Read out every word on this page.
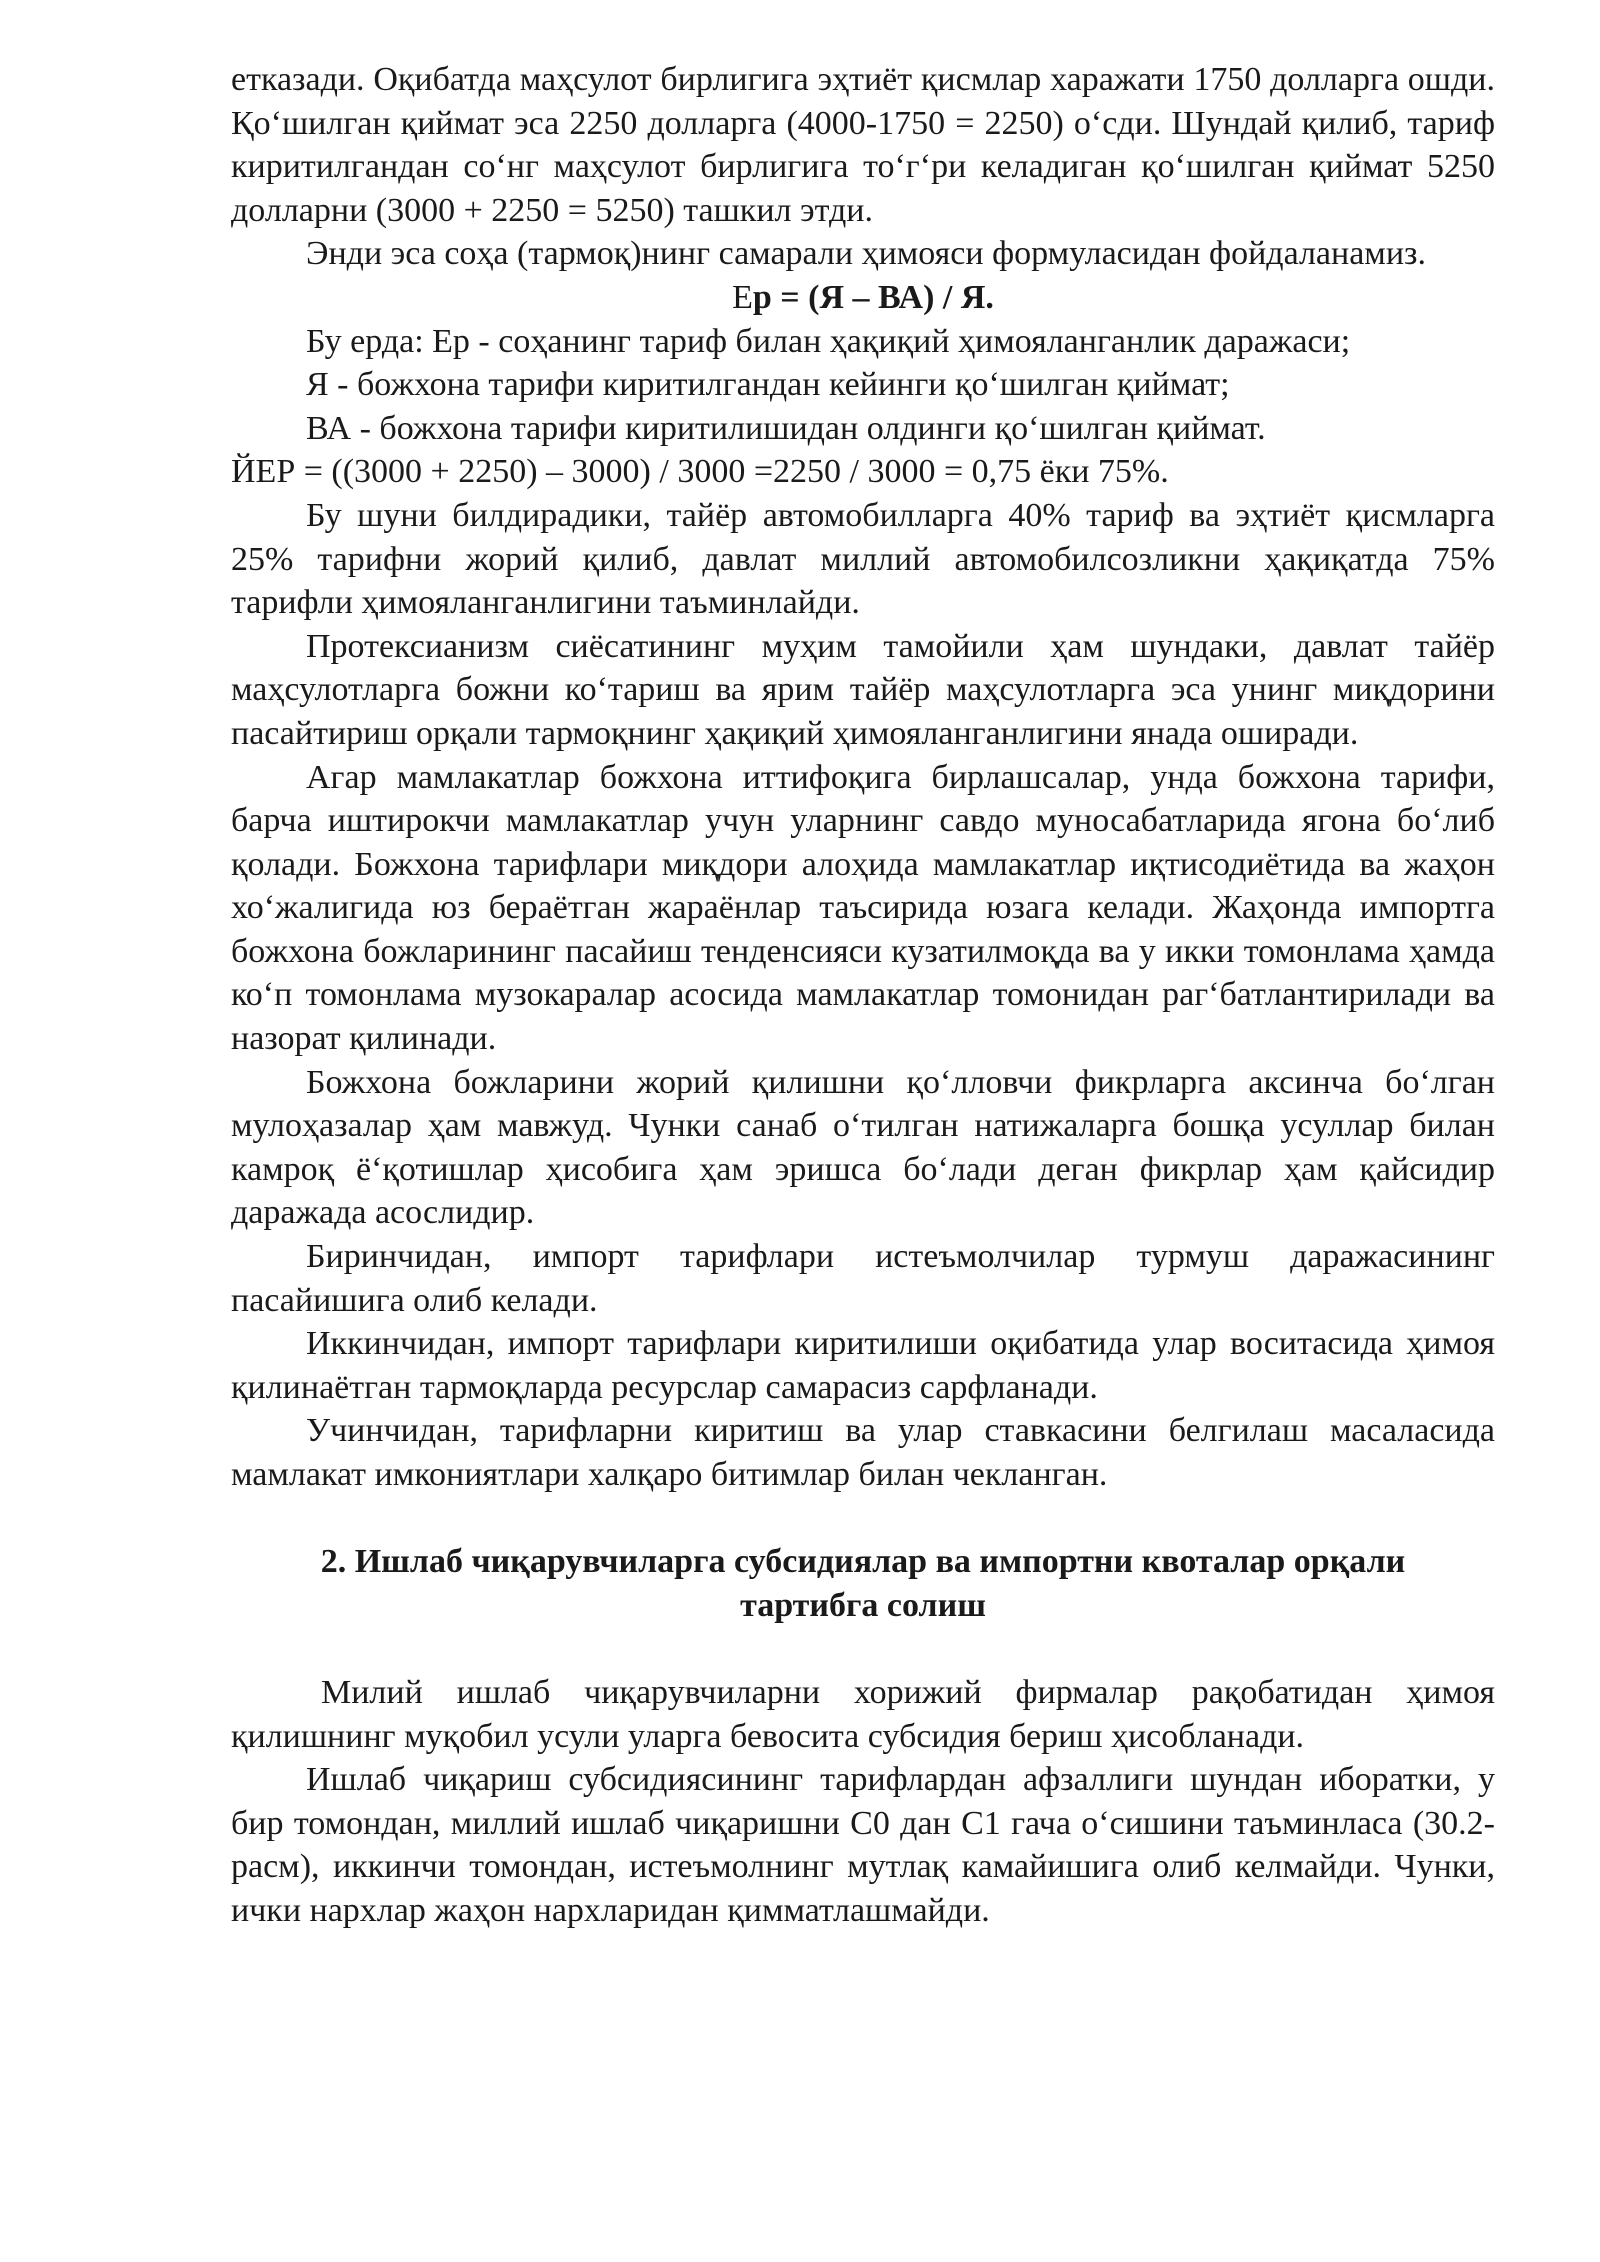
етказади. Оқибатда маҳсулот бирлигига эҳтиёт қисмлар харажати 1750 долларга ошди. Қоʻшилган қиймат эса 2250 долларга (4000-1750 = 2250) оʻсди. Шундай қилиб, тариф киритилгандан соʻнг маҳсулот бирлигига тоʻгʻри келадиган қоʻшилган қиймат 5250 долларни (3000 + 2250 = 5250) ташкил этди.

Энди эса соҳа (тармоқ)нинг самарали ҳимояси формуласидан фойдаланамиз.

Ер = (Я – ВА) / Я.

Бу ерда: Ер - соҳанинг тариф билан ҳақиқий ҳимояланганлик даражаси;

Я - божхона тарифи киритилгандан кейинги қоʻшилган қиймат;

ВА - божхона тарифи киритилишидан олдинги қоʻшилган қиймат.

ЙЕР = ((3000 + 2250) – 3000) / 3000 =2250 / 3000 = 0,75 ёки 75%.

Бу шуни билдирадики, тайёр автомобилларга 40% тариф ва эҳтиёт қисмларга 25% тарифни жорий қилиб, давлат миллий автомобилсозликни ҳақиқатда 75% тарифли ҳимояланганлигини таъминлайди.

Протексианизм сиёсатининг муҳим тамойили ҳам шундаки, давлат тайёр маҳсулотларга божни коʻтариш ва ярим тайёр маҳсулотларга эса унинг миқдорини пасайтириш орқали тармоқнинг ҳақиқий ҳимояланганлигини янада оширади.

Агар мамлакатлар божхона иттифоқига бирлашсалар, унда божхона тарифи, барча иштирокчи мамлакатлар учун уларнинг савдо муносабатларида ягона боʻлиб қолади. Божхона тарифлари миқдори алоҳида мамлакатлар иқтисодиётида ва жаҳон хоʻжалигида юз бераётган жараёнлар таъсирида юзага келади. Жаҳонда импортга божхона божларининг пасайиш тенденсияси кузатилмоқда ва у икки томонлама ҳамда коʻп томонлама музокаралар асосида мамлакатлар томонидан рагʻбатлантирилади ва назорат қилинади.

Божхона божларини жорий қилишни қоʻлловчи фикрларга аксинча боʻлган мулоҳазалар ҳам мавжуд. Чунки санаб оʻтилган натижаларга бошқа усуллар билан камроқ ёʻқотишлар ҳисобига ҳам эришса боʻлади деган фикрлар ҳам қайсидир даражада асослидир.

Биринчидан, импорт тарифлари истеъмолчилар турмуш даражасининг пасайишига олиб келади.

Иккинчидан, импорт тарифлари киритилиши оқибатида улар воситасида ҳимоя қилинаётган тармоқларда ресурслар самарасиз сарфланади.

Учинчидан, тарифларни киритиш ва улар ставкасини белгилаш масаласида мамлакат имкониятлари халқаро битимлар билан чекланган.

2. Ишлаб чиқарувчиларга субсидиялар ва импортни квоталар орқали
тартибга солиш

Милий ишлаб чиқарувчиларни хорижий фирмалар рақобатидан ҳимоя қилишнинг муқобил усули уларга бевосита субсидия бериш ҳисобланади.

Ишлаб чиқариш субсидиясининг тарифлардан афзаллиги шундан иборатки, у бир томондан, миллий ишлаб чиқаришни С0 дан С1 гача оʻсишини таъминласа (30.2-расм), иккинчи томондан, истеъмолнинг мутлақ камайишига олиб келмайди. Чунки, ички нархлар жаҳон нархларидан қимматлашмайди.
